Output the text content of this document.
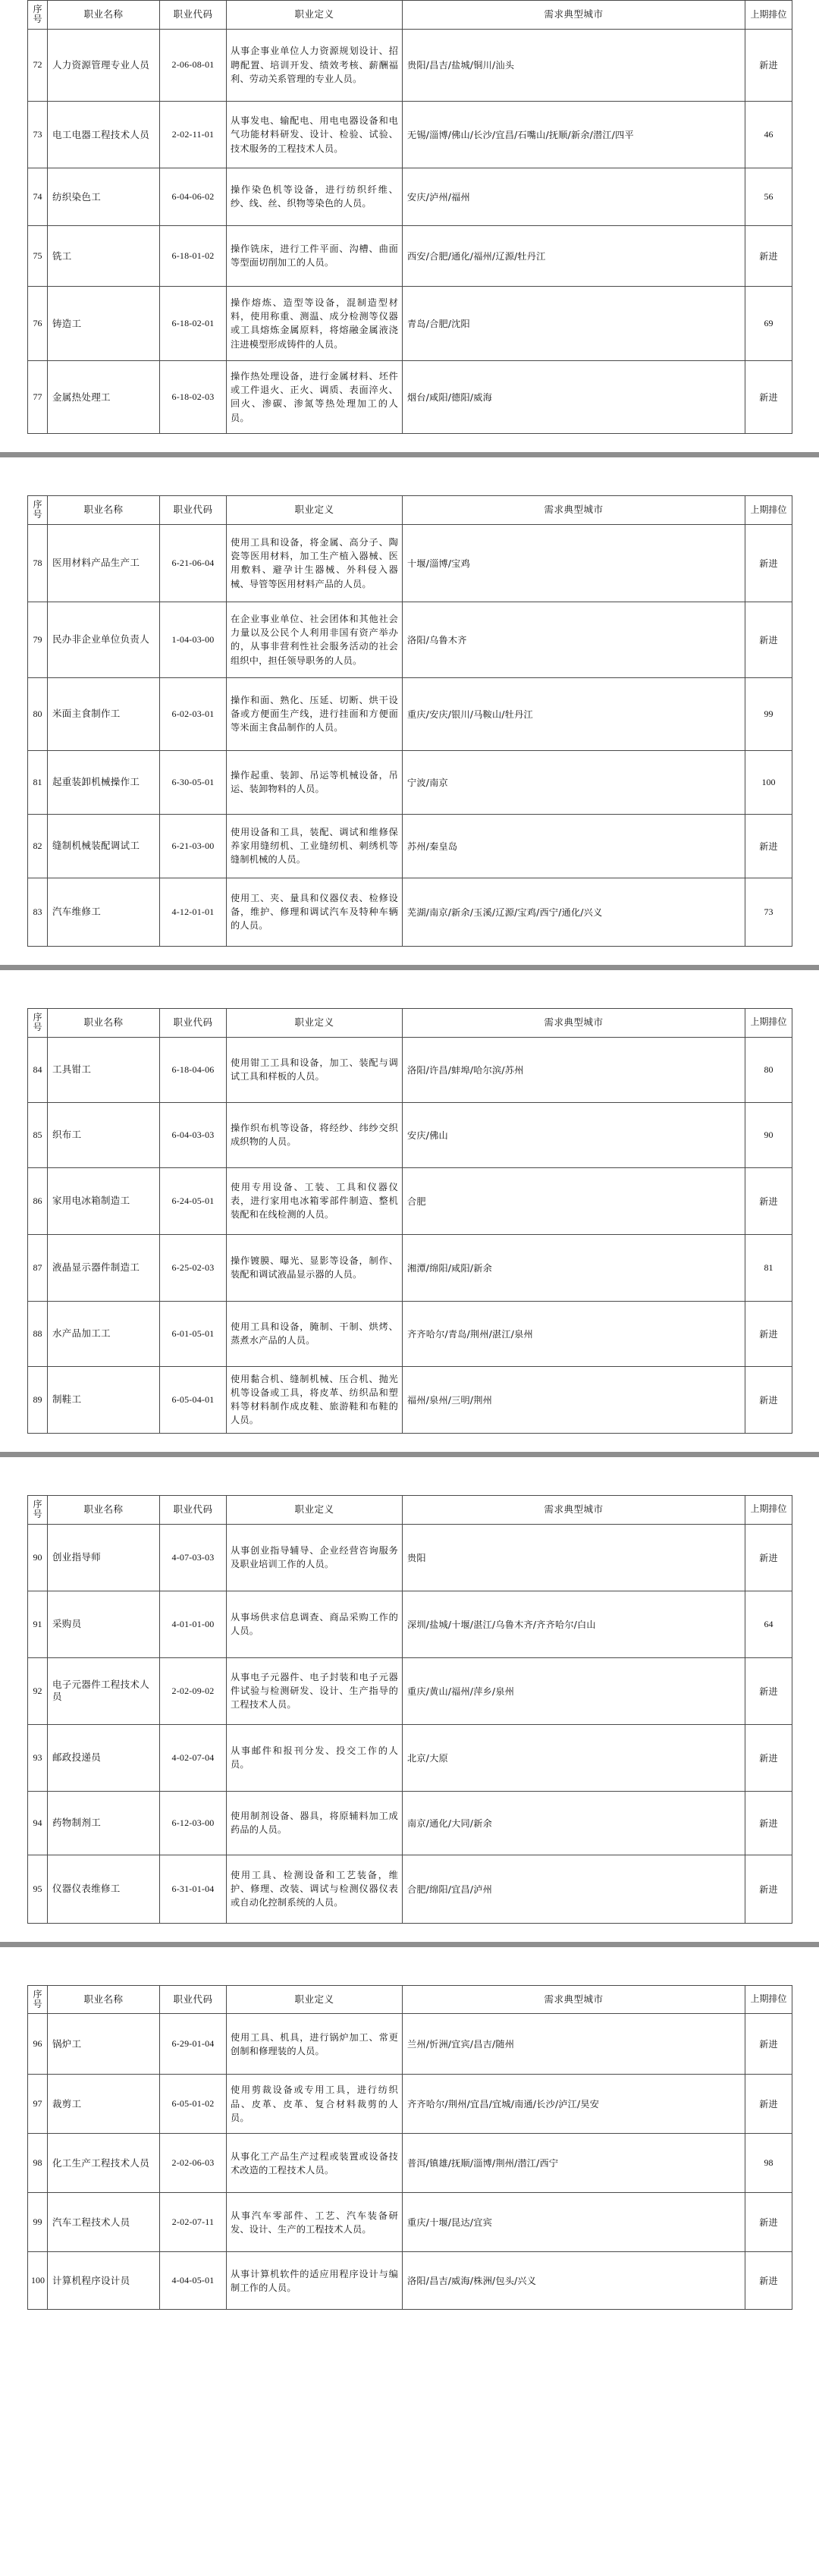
序号	职业名称	职业代码	职业定义	需求典型城市	上期排位
72	人力资源管理专业人员	2-06-08-01	从事企事业单位人力资源规划设计、招聘配置、培训开发、绩效考核、薪酬福利、劳动关系管理的专业人员。	贵阳/昌吉/盐城/铜川/汕头	新进
73	电工电器工程技术人员	2-02-11-01	从事发电、输配电、用电电器设备和电气功能材料研发、设计、检验、试验、技术服务的工程技术人员。	无锡/淄博/佛山/长沙/宜昌/石嘴山/抚顺/新余/潜江/四平	46
74	纺织染色工	6-04-06-02	操作染色机等设备，进行纺织纤维、纱、线、丝、织物等染色的人员。	安庆/泸州/福州	56
75	铣工	6-18-01-02	操作铣床，进行工件平面、沟槽、曲面等型面切削加工的人员。	西安/合肥/通化/福州/辽源/牡丹江	新进
76	铸造工	6-18-02-01	操作熔炼、造型等设备，混制造型材料，使用称重、测温、成分检测等仪器或工具熔炼金属原料，将熔融金属液浇注进模型形成铸件的人员。	青岛/合肥/沈阳	69
77	金属热处理工	6-18-02-03	操作热处理设备，进行金属材料、坯件或工件退火、正火、调质、表面淬火、回火、渗碳、渗氮等热处理加工的人员。	烟台/咸阳/德阳/威海	新进
序号	职业名称	职业代码	职业定义	需求典型城市	上期排位
78	医用材料产品生产工	6-21-06-04	使用工具和设备，将金属、高分子、陶瓷等医用材料，加工生产植入器械、医用敷料、避孕计生器械、外科侵入器械、导管等医用材料产品的人员。	十堰/淄博/宝鸡	新进
79	民办非企业单位负责人	1-04-03-00	在企业事业单位、社会团体和其他社会力量以及公民个人利用非国有资产举办的，从事非营利性社会服务活动的社会组织中，担任领导职务的人员。	洛阳/乌鲁木齐	新进
80	米面主食制作工	6-02-03-01	操作和面、熟化、压延、切断、烘干设备或方便面生产线，进行挂面和方便面等米面主食品制作的人员。	重庆/安庆/银川/马鞍山/牡丹江	99
81	起重装卸机械操作工	6-30-05-01	操作起重、装卸、吊运等机械设备，吊运、装卸物料的人员。	宁波/南京	100
82	缝制机械装配调试工	6-21-03-00	使用设备和工具，装配、调试和维修保养家用缝纫机、工业缝纫机、刺绣机等缝制机械的人员。	苏州/秦皇岛	新进
83	汽车维修工	4-12-01-01	使用工、夹、量具和仪器仪表、检修设备，维护、修理和调试汽车及特种车辆的人员。	芜湖/南京/新余/玉溪/辽源/宝鸡/西宁/通化/兴义	73
序号	职业名称	职业代码	职业定义	需求典型城市	上期排位
84	工具钳工	6-18-04-06	使用钳工工具和设备，加工、装配与调试工具和样板的人员。	洛阳/许昌/蚌埠/哈尔滨/苏州	80
85	织布工	6-04-03-03	操作织布机等设备，将经纱、纬纱交织成织物的人员。	安庆/佛山	90
86	家用电冰箱制造工	6-24-05-01	使用专用设备、工装、工具和仪器仪表，进行家用电冰箱零部件制造、整机装配和在线检测的人员。	合肥	新进
87	液晶显示器件制造工	6-25-02-03	操作镀膜、曝光、显影等设备，制作、装配和调试液晶显示器的人员。	湘潭/绵阳/咸阳/新余	81
88	水产品加工工	6-01-05-01	使用工具和设备，腌制、干制、烘烤、蒸煮水产品的人员。	齐齐哈尔/青岛/荆州/湛江/泉州	新进
89	制鞋工	6-05-04-01	使用黏合机、缝制机械、压合机、抛光机等设备或工具，将皮革、纺织品和塑料等材料制作成皮鞋、旅游鞋和布鞋的人员。	福州/泉州/三明/荆州	新进
序号	职业名称	职业代码	职业定义	需求典型城市	上期排位
90	创业指导师	4-07-03-03	从事创业指导辅导、企业经营咨询服务及职业培训工作的人员。	贵阳	新进
91	采购员	4-01-01-00	从事场供求信息调查、商品采购工作的人员。	深圳/盐城/十堰/湛江/乌鲁木齐/齐齐哈尔/白山	64
92	电子元器件工程技术人员	2-02-09-02	从事电子元器件、电子封装和电子元器件试验与检测研发、设计、生产指导的工程技术人员。	重庆/黄山/福州/萍乡/泉州	新进
93	邮政投递员	4-02-07-04	从事邮件和报刊分发、投交工作的人员。	北京/大原	新进
94	药物制剂工	6-12-03-00	使用制剂设备、器具，将原辅料加工成药品的人员。	南京/通化/大同/新余	新进
95	仪器仪表维修工	6-31-01-04	使用工具、检测设备和工艺装备，维护、修理、改装、调试与检测仪器仪表或自动化控制系统的人员。	合肥/绵阳/宜昌/泸州	新进
序号	职业名称	职业代码	职业定义	需求典型城市	上期排位
96	锅炉工	6-29-01-04	使用工具、机具，进行锅炉加工、常更创制和修理装的人员。	兰州/忻洲/宜宾/昌吉/随州	新进
97	裁剪工	6-05-01-02	使用剪裁设备或专用工具，进行纺织品、皮革、皮革、复合材料裁剪的人员。	齐齐哈尔/荆州/宜昌/宜城/南通/长沙/泸江/昊安	新进
98	化工生产工程技术人员	2-02-06-03	从事化工产品生产过程或装置或设备技术改造的工程技术人员。	普洱/镇雄/抚顺/淄博/荆州/潜江/西宁	98
99	汽车工程技术人员	2-02-07-11	从事汽车零部件、工艺、汽车装备研发、设计、生产的工程技术人员。	重庆/十堰/昆达/宜宾	新进
100	计算机程序设计员	4-04-05-01	从事计算机软件的适应用程序设计与编制工作的人员。	洛阳/昌吉/威海/株洲/包头/兴义	新进
